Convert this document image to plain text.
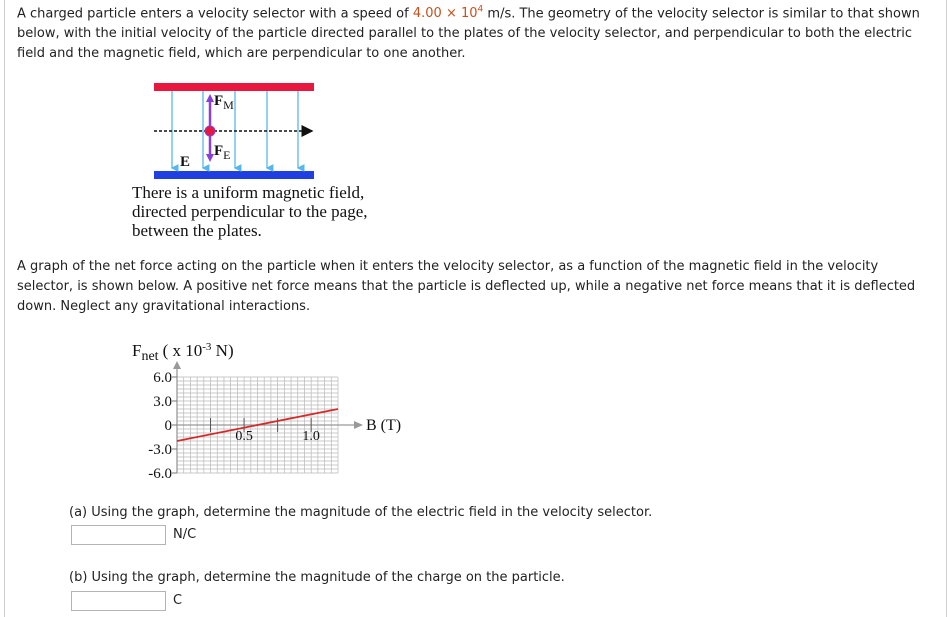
A charged particle enters a velocity selector with a speed of $4.00 \times 10^4$ m/s. The geometry of the velocity selector is similar to that shown below, with the initial velocity of the particle directed parallel to the plates of the velocity selector, and perpendicular to both the electric field and the magnetic field, which are perpendicular to one another.

$F_M$
$F_E$
E
There is a uniform magnetic field, directed perpendicular to the page, between the plates.

A graph of the net force acting on the particle when it enters the velocity selector, as a function of the magnetic field in the velocity selector, is shown below. A positive net force means that the particle is deflected up, while a negative net force means that it is deflected down. Neglect any gravitational interactions.

$F_{net}$ ( x $10^{-3}$ N)
6.0
3.0
0
-3.0
-6.0
0.5	1.0
B (T)
(a) Using the graph, determine the magnitude of the electric field in the velocity selector.
N/C
(b) Using the graph, determine the magnitude of the charge on the particle.
C
